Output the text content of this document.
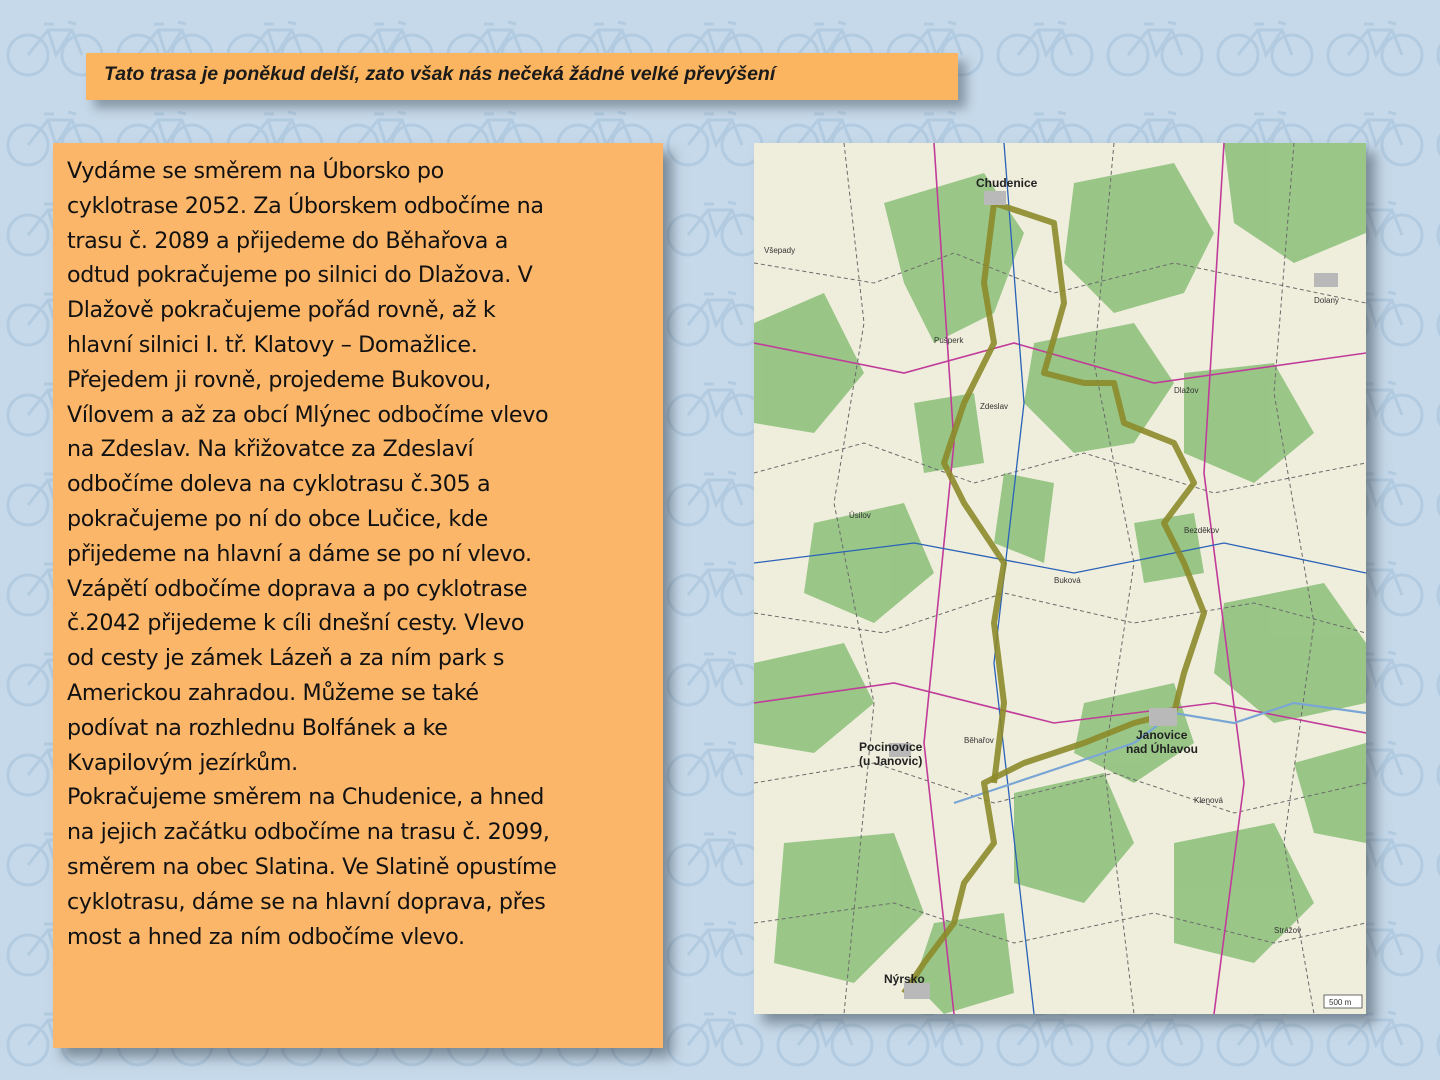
Tato trasa je poněkud delší, zato však nás nečeká žádné velké převýšení
Vydáme se směrem na Úborsko po
cyklotrase 2052. Za Úborskem odbočíme na
trasu č. 2089 a přijedeme do Běhařova a
odtud pokračujeme po silnici do Dlažova. V
Dlažově pokračujeme pořád rovně, až k
hlavní silnici I. tř. Klatovy – Domažlice.
Přejedem ji rovně, projedeme Bukovou,
Vílovem a až za obcí Mlýnec odbočíme vlevo
na Zdeslav. Na křižovatce za Zdeslaví
odbočíme doleva na cyklotrasu č.305 a
pokračujeme po ní do obce Lučice, kde
přijedeme na hlavní a dáme se po ní vlevo.
Vzápětí odbočíme doprava a po cyklotrase
č.2042 přijedeme k cíli dnešní cesty. Vlevo
od cesty je zámek Lázeň a za ním park s
Americkou zahradou. Můžeme se také
podívat na rozhlednu Bolfánek a ke
Kvapilovým jezírkům.
Pokračujeme směrem na Chudenice, a hned
na jejich začátku odbočíme na trasu č. 2099,
směrem na obec Slatina. Ve Slatině opustíme
cyklotrasu, dáme se na hlavní doprava, přes
most a hned za ním odbočíme vlevo.
Chudenice
Dolany
Janovice
nad Úhlavou
Pocinovice
(u Janovic)
Nýrsko
Strážov
Pušperk
Běhařov
Dlažov
Bezděkov
Klenová
Zdeslav
Všepady
Úsilov
Buková
500 m
